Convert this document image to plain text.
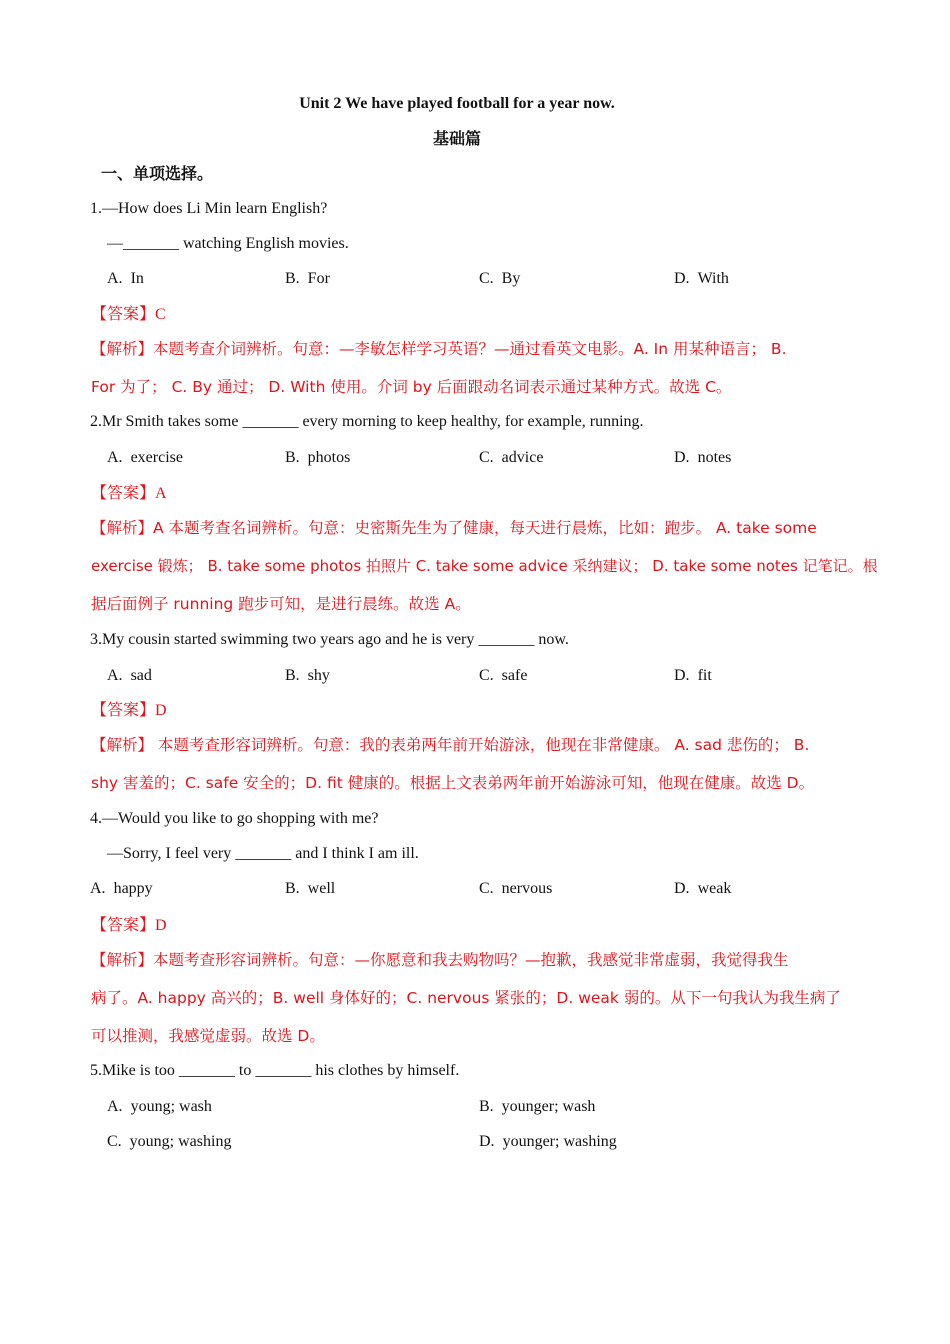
Unit 2 We have played football for a year now.
基础篇
一、单项选择。
1.—How does Li Min learn English?
—_______ watching English movies.
A. In	B. For	C. By	D. With
【答案】C
【解析】本题考查介词辨析。句意：—李敏怎样学习英语？—通过看英文电影。A. In 用某种语言； B.
For 为了； C. By 通过； D. With 使用。介词 by 后面跟动名词表示通过某种方式。故选 C。
2.Mr Smith takes some _______ every morning to keep healthy, for example, running.
A. exercise	B. photos	C. advice	D. notes
【答案】A
【解析】A 本题考查名词辨析。句意：史密斯先生为了健康，每天进行晨炼，比如：跑步。 A. take some
exercise 锻炼； B. take some photos 拍照片 C. take some advice 采纳建议； D. take some notes 记笔记。根
据后面例子 running 跑步可知，是进行晨练。故选 A。
3.My cousin started swimming two years ago and he is very _______ now.
A. sad	B. shy	C. safe	D. fit
【答案】D
【解析】 本题考查形容词辨析。句意：我的表弟两年前开始游泳，他现在非常健康。 A. sad 悲伤的； B.
shy 害羞的；C. safe 安全的；D. fit 健康的。根据上文表弟两年前开始游泳可知，他现在健康。故选 D。
4.—Would you like to go shopping with me?
—Sorry, I feel very _______ and I think I am ill.
A. happy	B. well	C. nervous	D. weak
【答案】D
【解析】本题考查形容词辨析。句意：—你愿意和我去购物吗？—抱歉，我感觉非常虚弱，我觉得我生
病了。A. happy 高兴的；B. well 身体好的；C. nervous 紧张的；D. weak 弱的。从下一句我认为我生病了
可以推测，我感觉虚弱。故选 D。
5.Mike is too _______ to _______ his clothes by himself.
A. young; wash	B. younger; wash
C. young; washing	D. younger; washing
